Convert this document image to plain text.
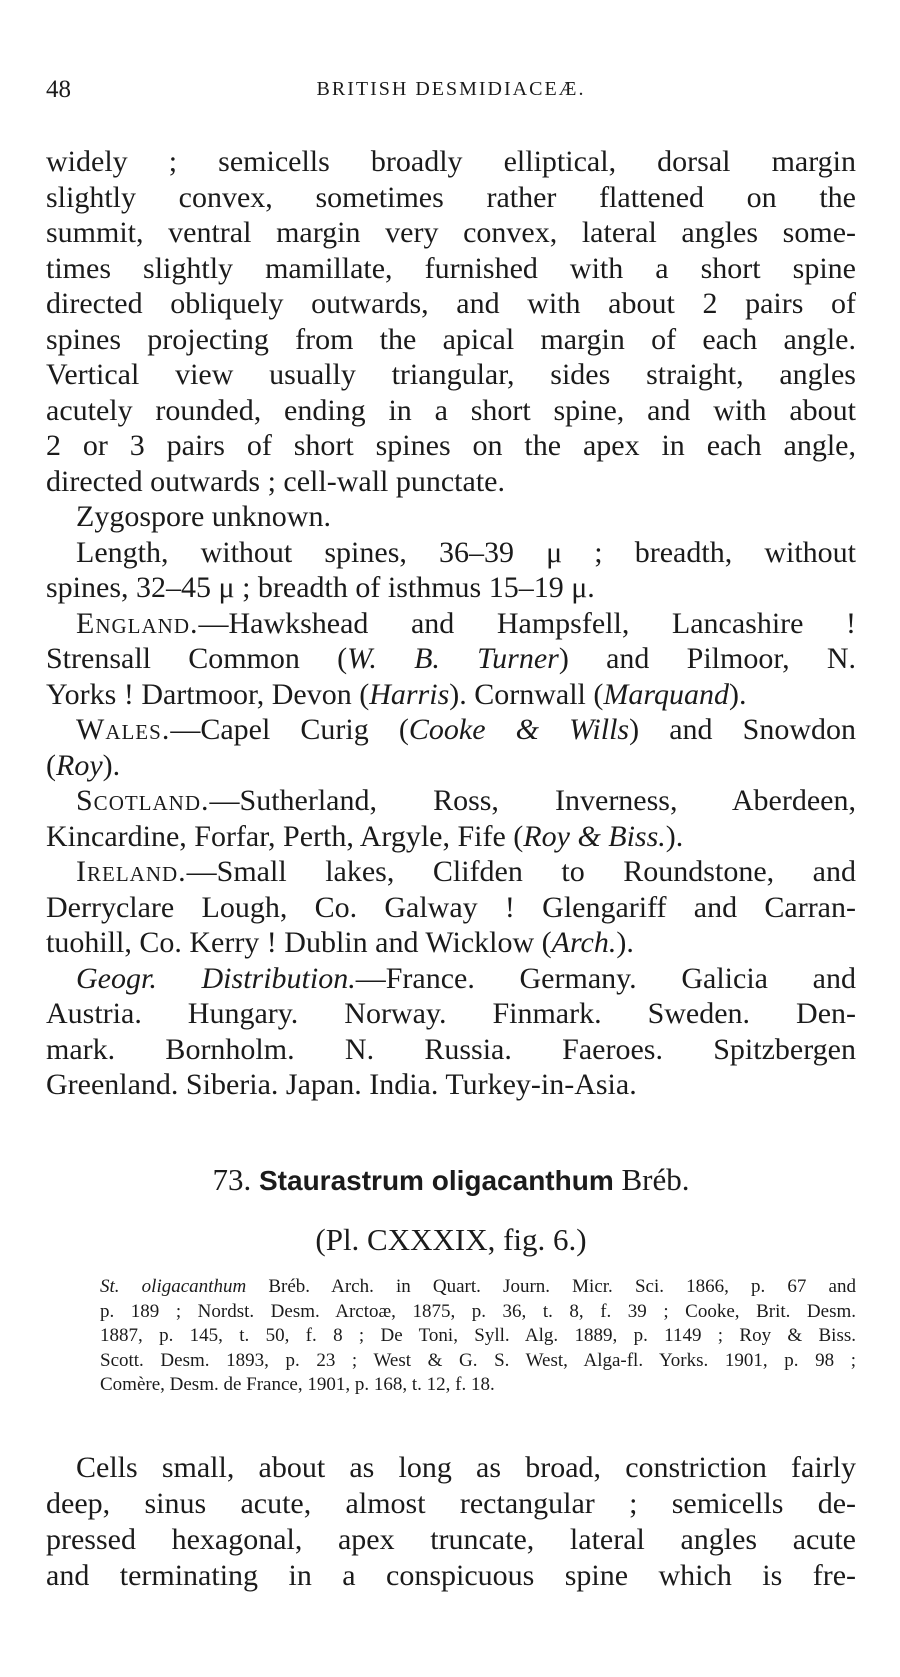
48	BRITISH DESMIDIACEÆ.
widely ; semicells broadly elliptical, dorsal margin
slightly convex, sometimes rather flattened on the
summit, ventral margin very convex, lateral angles some-
times slightly mamillate, furnished with a short spine
directed obliquely outwards, and with about 2 pairs of
spines projecting from the apical margin of each angle.
Vertical view usually triangular, sides straight, angles
acutely rounded, ending in a short spine, and with about
2 or 3 pairs of short spines on the apex in each angle,
directed outwards ; cell-wall punctate.
Zygospore unknown.
Length, without spines, 36–39 μ ; breadth, without
spines, 32–45 μ ; breadth of isthmus 15–19 μ.
England.—Hawkshead and Hampsfell, Lancashire !
Strensall Common (W. B. Turner) and Pilmoor, N.
Yorks ! Dartmoor, Devon (Harris). Cornwall (Marquand).
Wales.—Capel Curig (Cooke & Wills) and Snowdon
(Roy).
Scotland.—Sutherland, Ross, Inverness, Aberdeen,
Kincardine, Forfar, Perth, Argyle, Fife (Roy & Biss.).
Ireland.—Small lakes, Clifden to Roundstone, and
Derryclare Lough, Co. Galway ! Glengariff and Carran-
tuohill, Co. Kerry ! Dublin and Wicklow (Arch.).
Geogr. Distribution.—France. Germany. Galicia and
Austria. Hungary. Norway. Finmark. Sweden. Den-
mark. Bornholm. N. Russia. Faeroes. Spitzbergen
Greenland. Siberia. Japan. India. Turkey-in-Asia.
73. Staurastrum oligacanthum Bréb.
(Pl. CXXXIX, fig. 6.)
St. oligacanthum Bréb. Arch. in Quart. Journ. Micr. Sci. 1866, p. 67 and
p. 189 ; Nordst. Desm. Arctoæ, 1875, p. 36, t. 8, f. 39 ; Cooke, Brit. Desm.
1887, p. 145, t. 50, f. 8 ; De Toni, Syll. Alg. 1889, p. 1149 ; Roy & Biss.
Scott. Desm. 1893, p. 23 ; West & G. S. West, Alga-fl. Yorks. 1901, p. 98 ;
Comère, Desm. de France, 1901, p. 168, t. 12, f. 18.
Cells small, about as long as broad, constriction fairly
deep, sinus acute, almost rectangular ; semicells de-
pressed hexagonal, apex truncate, lateral angles acute
and terminating in a conspicuous spine which is fre-
